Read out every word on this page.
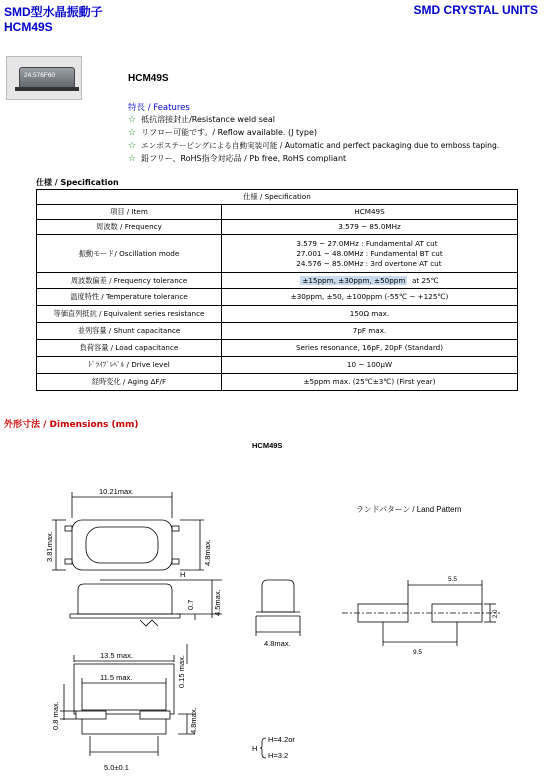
SMD型水晶振動子	SMD CRYSTAL UNITS
HCM49S
24.576F60	HCM49S
特長 / Features
☆ 抵抗溶接封止/Resistance weld seal
☆ リフロー可能です。/ Reflow available. (J type)
☆ エンボステーピングによる自動実装可能 / Automatic and perfect packaging due to emboss taping.
☆ 鉛フリー、RoHS指令対応品 / Pb free, RoHS compliant
仕様 / Specification
仕様 / Specification	
項目 / Item	HCM49S
周波数 / Frequency	3.579 ~ 85.0MHz
振動モード/ Oscillation mode	3.579 ~ 27.0MHz : Fundamental AT cut
27.001 ~ 48.0MHz : Fundamental BT cut
24.576 ~ 85.0MHz : 3rd overtone AT cut

周波数偏差 / Frequency tolerance	±15ppm, ±30ppm, ±50ppm at 25℃
温度特性 / Temperature tolerance	±30ppm, ±50, ±100ppm (-55℃ ~ +125℃)
等価直列抵抗 / Equivalent series resistance	150Ω max.
並列容量 / Shunt capacitance	7pF max.
負荷容量 / Load capacitance	Series resonance, 16pF, 20pF (Standard)
ﾄﾞﾗｲﾌﾞﾚﾍﾞﾙ / Drive level	10 ~ 100μW
経時変化 / Aging ΔF/F	±5ppm max. (25℃±3℃) (First year)
外形寸法 / Dimensions (mm)
HCM49S
10.21max.
3.81max.	4.8max.
H
0.7 4.5max.
4.8max.
13.5 max.
11.5 max.	0.15 max.
0.8 max.	4.8max.
5.0±0.1
ランドパターン / Land Pattern
5.5
2.0
9.5
H
H=4.2or
H=3.2
